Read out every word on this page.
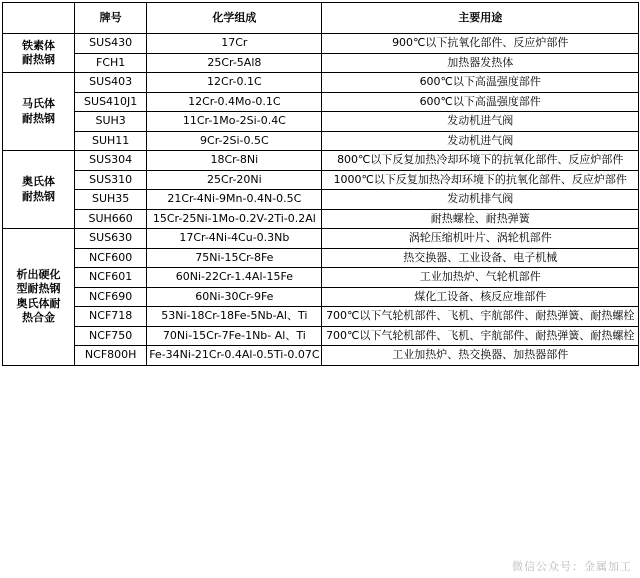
	牌号	化学组成	主要用途
铁素体
耐热钢	SUS430	17Cr	900℃以下抗氧化部件、反应炉部件
	FCH1	25Cr-5Al8	加热器发热体
马氏体
耐热钢	SUS403	12Cr-0.1C	600℃以下高温强度部件
	SUS410J1	12Cr-0.4Mo-0.1C	600℃以下高温强度部件
	SUH3	11Cr-1Mo-2Si-0.4C	发动机进气阀
	SUH11	9Cr-2Si-0.5C	发动机进气阀
奥氏体
耐热钢	SUS304	18Cr-8Ni	800℃以下反复加热冷却环境下的抗氧化部件、反应炉部件
	SUS310	25Cr-20Ni	1000℃以下反复加热冷却环境下的抗氧化部件、反应炉部件
	SUH35	21Cr-4Ni-9Mn-0.4N-0.5C	发动机排气阀
	SUH660	15Cr-25Ni-1Mo-0.2V-2Ti-0.2Al	耐热螺栓、耐热弹簧
析出硬化
型耐热钢
奥氏体耐
热合金	SUS630	17Cr-4Ni-4Cu-0.3Nb	涡轮压缩机叶片、涡轮机部件
	NCF600	75Ni-15Cr-8Fe	热交换器、工业设备、电子机械
	NCF601	60Ni-22Cr-1.4Al-15Fe	工业加热炉、气轮机部件
	NCF690	60Ni-30Cr-9Fe	煤化工设备、核反应堆部件
	NCF718	53Ni-18Cr-18Fe-5Nb-Al、Ti	700℃以下气轮机部件、飞机、宇航部件、耐热弹簧、耐热螺栓
	NCF750	70Ni-15Cr-7Fe-1Nb- Al、Ti	700℃以下气轮机部件、飞机、宇航部件、耐热弹簧、耐热螺栓
	NCF800H	Fe-34Ni-21Cr-0.4Al-0.5Ti-0.07C	工业加热炉、热交换器、加热器部件
微信公众号：金属加工
